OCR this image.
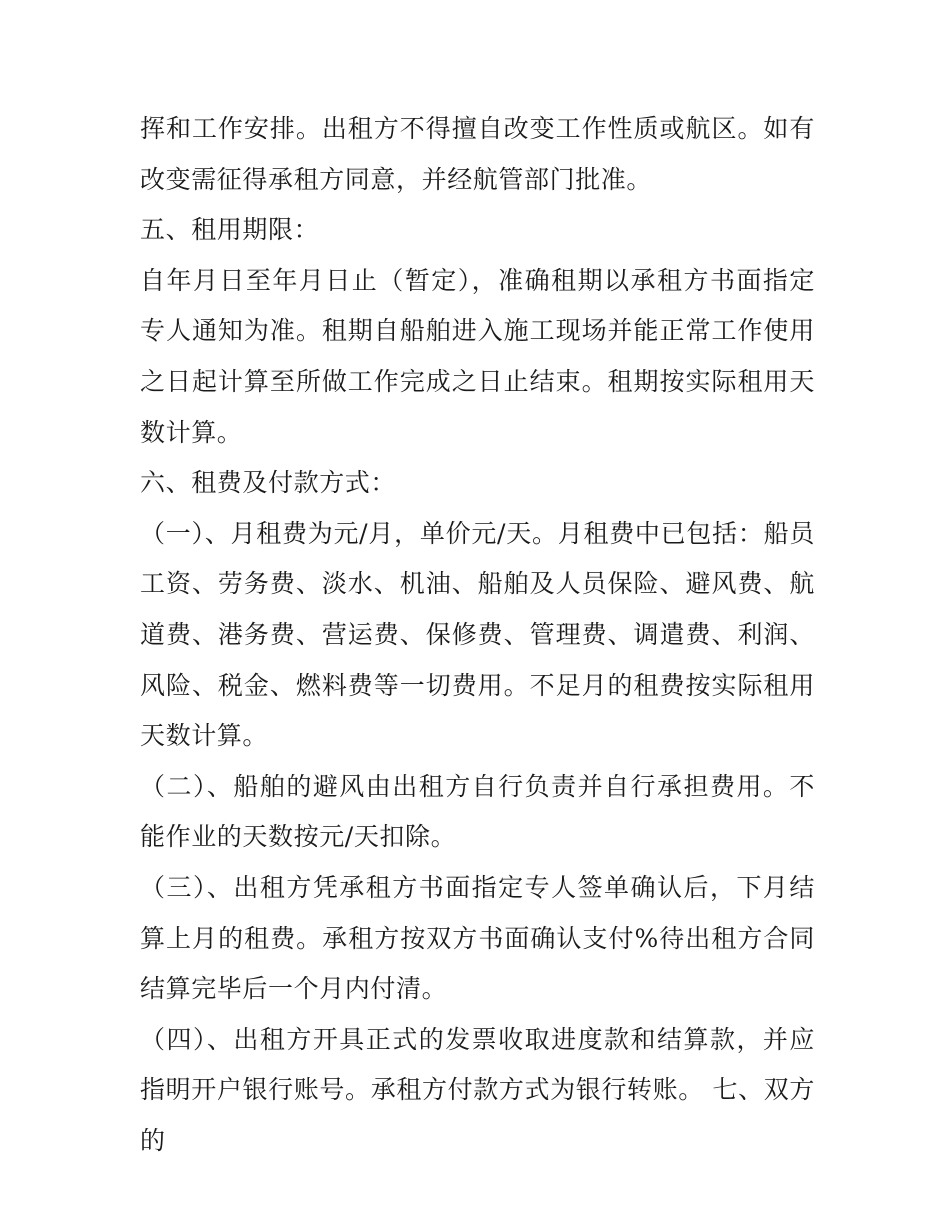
挥和工作安排。出租方不得擅自改变工作性质或航区。如有改变需征得承租方同意，并经航管部门批准。

五、租用期限：

自年月日至年月日止（暂定），准确租期以承租方书面指定专人通知为准。租期自船舶进入施工现场并能正常工作使用之日起计算至所做工作完成之日止结束。租期按实际租用天数计算。

六、租费及付款方式：

（一）、月租费为元/月，单价元/天。月租费中已包括：船员工资、劳务费、淡水、机油、船舶及人员保险、避风费、航道费、港务费、营运费、保修费、管理费、调遣费、利润、风险、税金、燃料费等一切费用。不足月的租费按实际租用天数计算。

（二）、船舶的避风由出租方自行负责并自行承担费用。不能作业的天数按元/天扣除。

（三）、出租方凭承租方书面指定专人签单确认后，下月结算上月的租费。承租方按双方书面确认支付%待出租方合同结算完毕后一个月内付清。

（四）、出租方开具正式的发票收取进度款和结算款，并应指明开户银行账号。承租方付款方式为银行转账。 七、双方的
